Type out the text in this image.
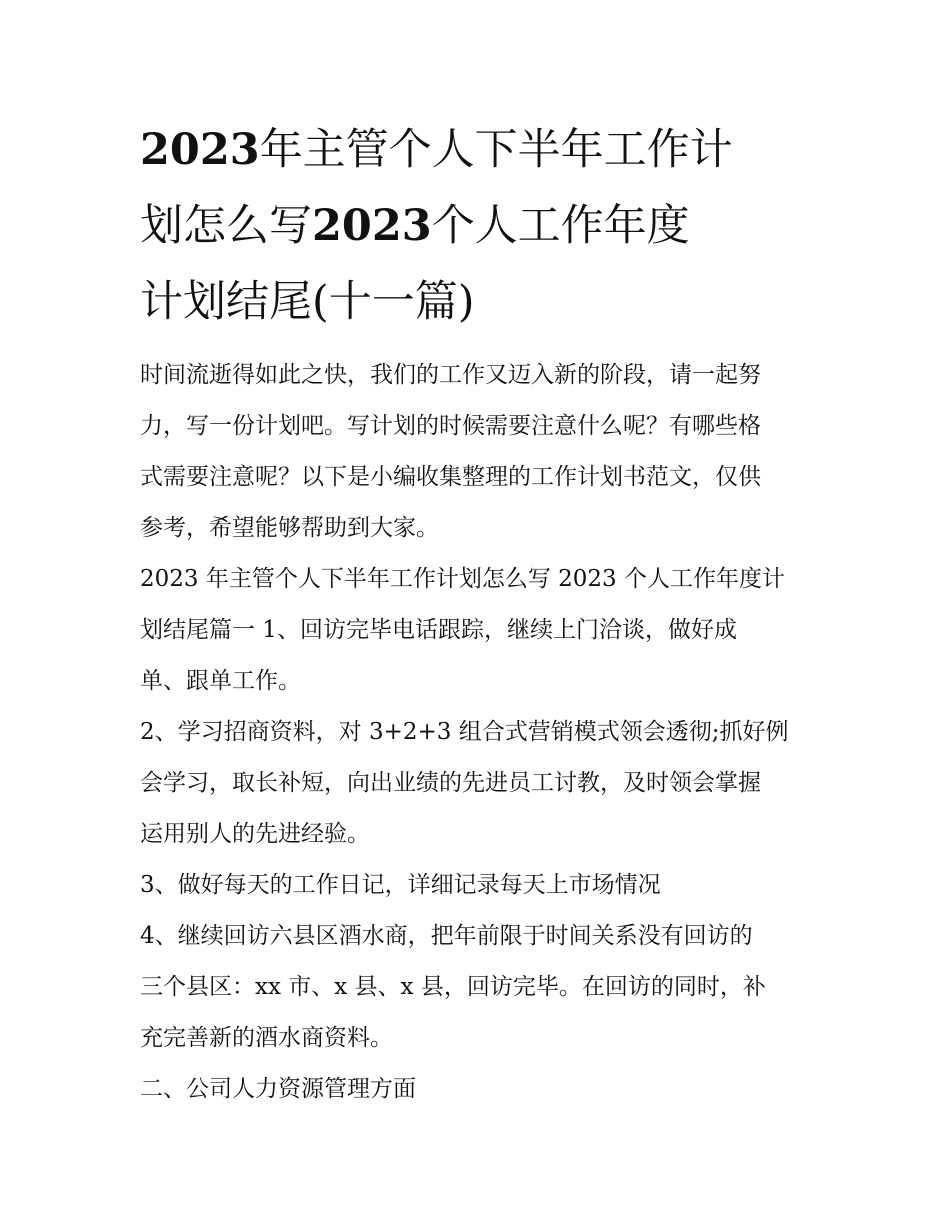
2023年主管个人下半年工作计
划怎么写2023个人工作年度
计划结尾(十一篇)

时间流逝得如此之快，我们的工作又迈入新的阶段，请一起努
力，写一份计划吧。写计划的时候需要注意什么呢？有哪些格
式需要注意呢？以下是小编收集整理的工作计划书范文，仅供
参考，希望能够帮助到大家。

2023 年主管个人下半年工作计划怎么写 2023 个人工作年度计
划结尾篇一 1、回访完毕电话跟踪，继续上门洽谈，做好成
单、跟单工作。

2、学习招商资料，对 3+2+3 组合式营销模式领会透彻;抓好例
会学习，取长补短，向出业绩的先进员工讨教，及时领会掌握
运用别人的先进经验。

3、做好每天的工作日记，详细记录每天上市场情况

4、继续回访六县区酒水商，把年前限于时间关系没有回访的
三个县区：xx 市、x 县、x 县，回访完毕。在回访的同时，补
充完善新的酒水商资料。

二、公司人力资源管理方面
